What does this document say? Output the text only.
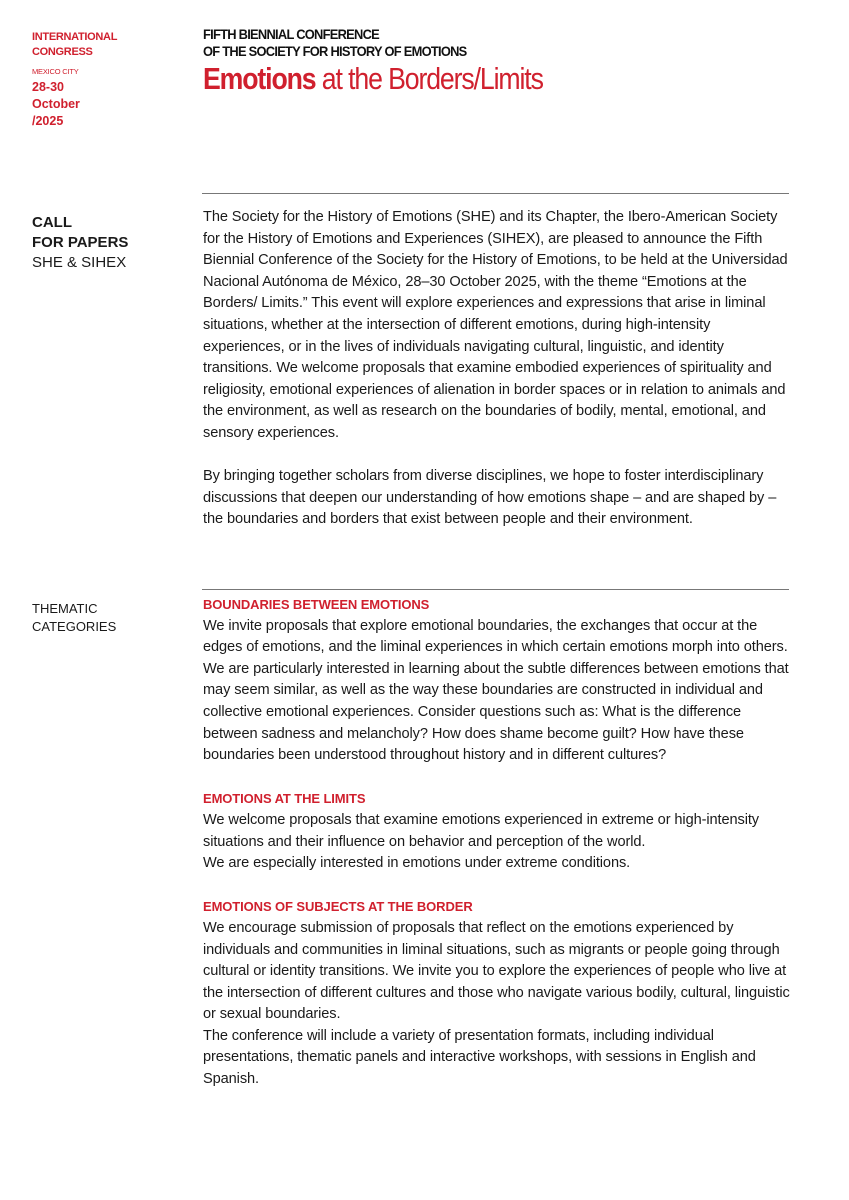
INTERNATIONAL
CONGRESS
MEXICO CITY
28-30
October
/2025
FIFTH BIENNIAL CONFERENCE
OF THE SOCIETY FOR HISTORY OF EMOTIONS
Emotions at the Borders/Limits
CALL
FOR PAPERS
SHE & SIHEX

The Society for the History of Emotions (SHE) and its Chapter, the Ibero-American Society for the History of Emotions and Experiences (SIHEX), are pleased to announce the Fifth Biennial Conference of the Society for the History of Emotions, to be held at the Universidad Nacional Autónoma de México, 28–30 October 2025, with the theme “Emotions at the Borders/ Limits.” This event will explore experiences and expressions that arise in liminal situations, whether at the intersection of different emotions, during high-intensity experiences, or in the lives of individuals navigating cultural, linguistic, and identity transitions. We welcome proposals that examine embodied experiences of spirituality and religiosity, emotional experiences of alienation in border spaces or in relation to animals and the environment, as well as research on the boundaries of bodily, mental, emotional, and sensory experiences.

By bringing together scholars from diverse disciplines, we hope to foster interdisciplinary discussions that deepen our understanding of how emotions shape – and are shaped by – the boundaries and borders that exist between people and their environment.

THEMATIC
CATEGORIES
BOUNDARIES BETWEEN EMOTIONS

We invite proposals that explore emotional boundaries, the exchanges that occur at the edges of emotions, and the liminal experiences in which certain emotions morph into others. We are particularly interested in learning about the subtle differences between emotions that may seem similar, as well as the way these boundaries are constructed in individual and collective emotional experiences. Consider questions such as: What is the difference between sadness and melancholy? How does shame become guilt? How have these boundaries been understood throughout history and in different cultures?

EMOTIONS AT THE LIMITS

We welcome proposals that examine emotions experienced in extreme or high-intensity situations and their influence on behavior and perception of the world.

We are especially interested in emotions under extreme conditions.

EMOTIONS OF SUBJECTS AT THE BORDER

We encourage submission of proposals that reflect on the emotions experienced by individuals and communities in liminal situations, such as migrants or people going through cultural or identity transitions. We invite you to explore the experiences of people who live at the intersection of different cultures and those who navigate various bodily, cultural, linguistic or sexual boundaries.

The conference will include a variety of presentation formats, including individual presentations, thematic panels and interactive workshops, with sessions in English and Spanish.
